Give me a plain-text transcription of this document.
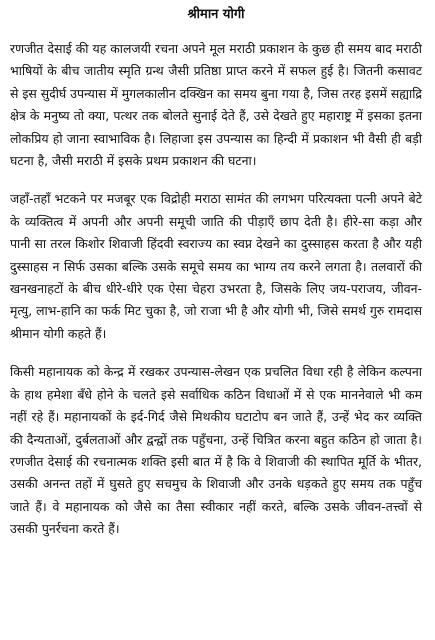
श्रीमान योगी

रणजीत देसाई की यह कालजयी रचना अपने मूल मराठी प्रकाशन के कुछ ही समय बाद मराठी भाषियों के बीच जातीय स्मृति ग्रन्थ जैसी प्रतिष्ठा प्राप्त करने में सफल हुई है। जितनी कसावट से इस सुदीर्घ उपन्यास में मुगलकालीन दक्खिन का समय बुना गया है, जिस तरह इसमें सह्याद्रि क्षेत्र के मनुष्य तो क्या, पत्थर तक बोलते सुनाई देते हैं, उसे देखते हुए महाराष्ट्र में इसका इतना लोकप्रिय हो जाना स्वाभाविक है। लिहाजा इस उपन्यास का हिन्दी में प्रकाशन भी वैसी ही बड़ी घटना है, जैसी मराठी में इसके प्रथम प्रकाशन की घटना।

जहाँ-तहाँ भटकने पर मजबूर एक विद्रोही मराठा सामंत की लगभग परित्यक्ता पत्नी अपने बेटे के व्यक्तित्व में अपनी और अपनी समूची जाति की पीड़ाएँ छाप देती है। हीरे-सा कड़ा और पानी सा तरल किशोर शिवाजी हिंदवी स्वराज्य का स्वप्न देखने का दुस्साहस करता है और यही दुस्साहस न सिर्फ उसका बल्कि उसके समूचे समय का भाग्य तय करने लगता है। तलवारों की खनखनाहटों के बीच धीरे-धीरे एक ऐसा चेहरा उभरता है, जिसके लिए जय-पराजय, जीवन-मृत्यु, लाभ-हानि का फर्क मिट चुका है, जो राजा भी है और योगी भी, जिसे समर्थ गुरु रामदास श्रीमान योगी कहते हैं।

किसी महानायक को केन्द्र में रखकर उपन्यास-लेखन एक प्रचलित विधा रही है लेकिन कल्पना के हाथ हमेशा बँधे होने के चलते इसे सर्वाधिक कठिन विधाओं में से एक माननेवाले भी कम नहीं रहे हैं। महानायकों के इर्द-गिर्द जैसे मिथकीय घटाटोप बन जाते हैं, उन्हें भेद कर व्यक्ति की दैन्यताओं, दुर्बलताओं और द्वन्द्वों तक पहुँचना, उन्हें चित्रित करना बहुत कठिन हो जाता है। रणजीत देसाई की रचनात्मक शक्ति इसी बात में है कि वे शिवाजी की स्थापित मूर्ति के भीतर, उसकी अनन्त तहों में घुसते हुए सचमुच के शिवाजी और उनके धड़कते हुए समय तक पहुँच जाते हैं। वे महानायक को जैसे का तैसा स्वीकार नहीं करते, बल्कि उसके जीवन-तत्त्वों से उसकी पुनर्रचना करते हैं।
